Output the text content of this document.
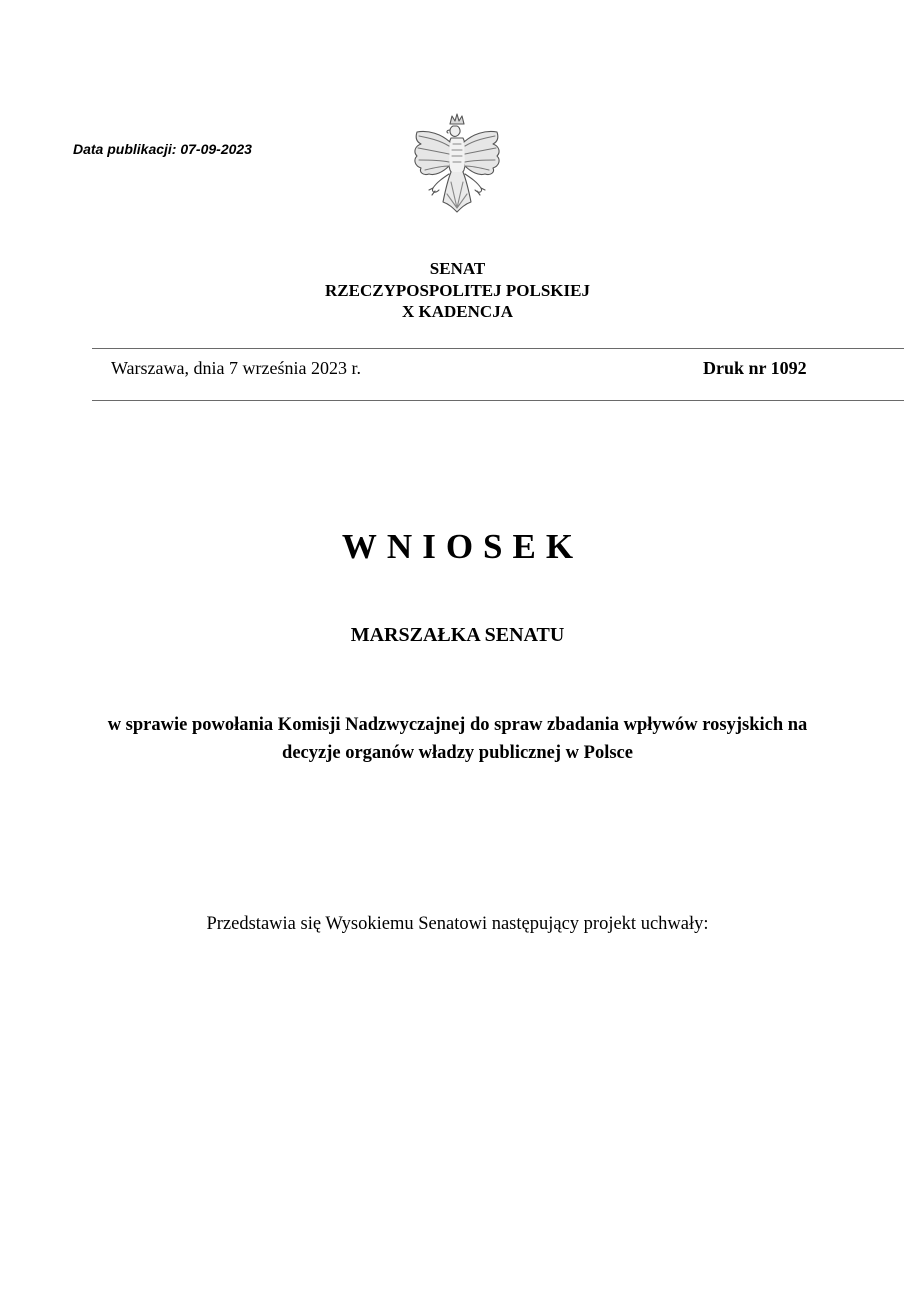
Data publikacji: 07-09-2023
SENAT
RZECZYPOSPOLITEJ POLSKIEJ
X KADENCJA
Warszawa, dnia 7 września 2023 r.	Druk nr 1092
WNIOSEK
MARSZAŁKA SENATU
w sprawie powołania Komisji Nadzwyczajnej do spraw zbadania wpływów rosyjskich na
decyzje organów władzy publicznej w Polsce
Przedstawia się Wysokiemu Senatowi następujący projekt uchwały:
